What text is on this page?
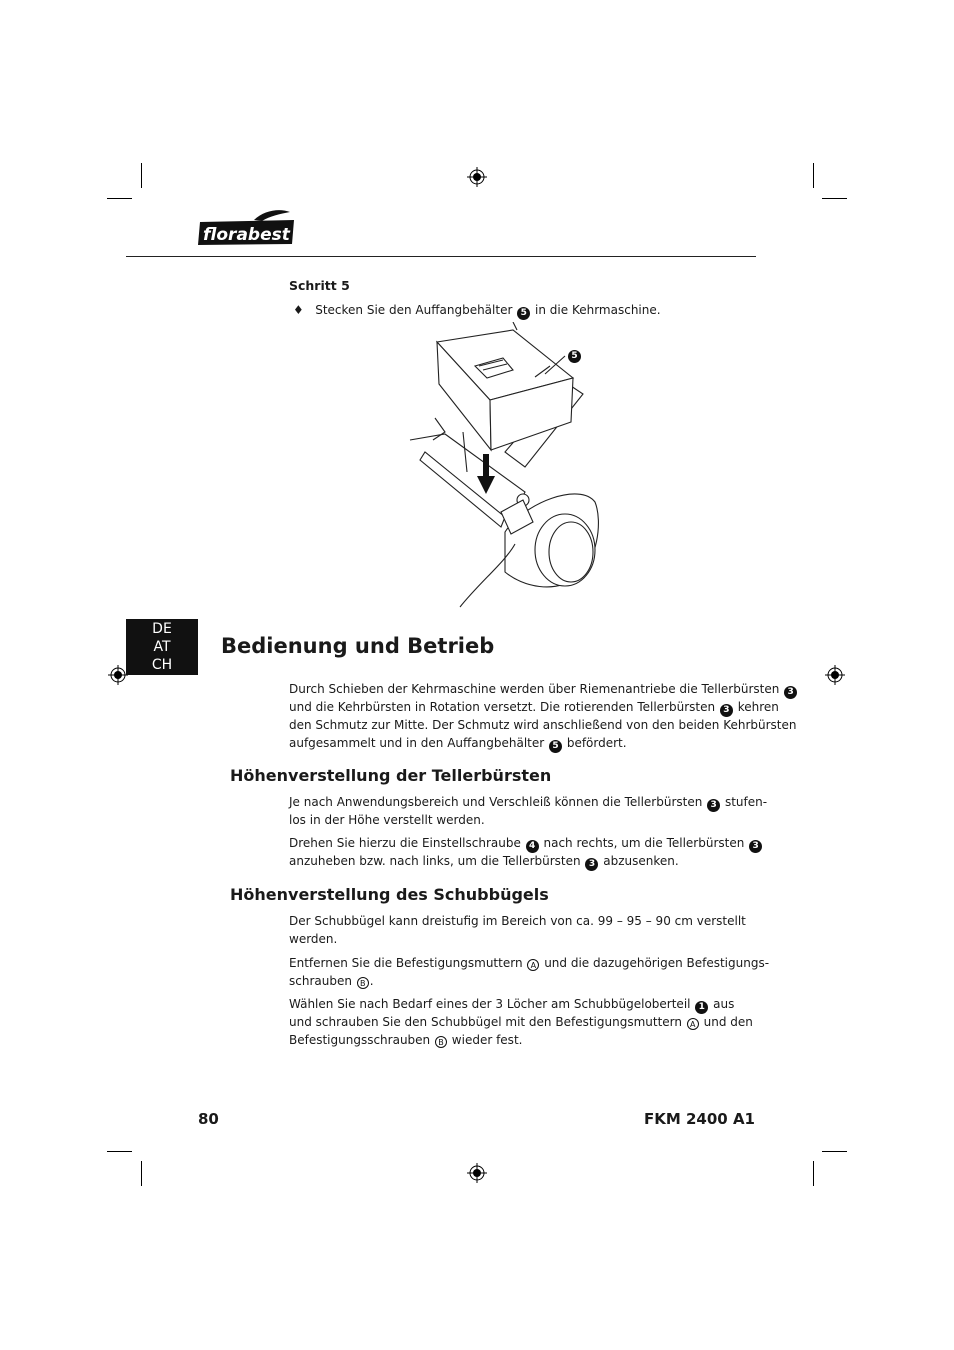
florabest
Schritt 5
♦ Stecken Sie den Auffangbehälter 5 in die Kehrmaschine.
5
DE
AT
CH
Bedienung und Betrieb
Durch Schieben der Kehrmaschine werden über Riemenantriebe die Tellerbürsten 3
und die Kehrbürsten in Rotation versetzt. Die rotierenden Tellerbürsten 3 kehren
den Schmutz zur Mitte. Der Schmutz wird anschließend von den beiden Kehrbürsten
aufgesammelt und in den Auffangbehälter 5 befördert.
Höhenverstellung der Tellerbürsten
Je nach Anwendungsbereich und Verschleiß können die Tellerbürsten 3 stufen-
los in der Höhe verstellt werden.
Drehen Sie hierzu die Einstellschraube 4 nach rechts, um die Tellerbürsten 3
anzuheben bzw. nach links, um die Tellerbürsten 3 abzusenken.
Höhenverstellung des Schubbügels
Der Schubbügel kann dreistufig im Bereich von ca. 99 – 95 – 90 cm verstellt
werden.
Entfernen Sie die Befestigungsmuttern A und die dazugehörigen Befestigungs-
schrauben B .
Wählen Sie nach Bedarf eines der 3 Löcher am Schubbügeloberteil 1 aus
und schrauben Sie den Schubbügel mit den Befestigungsmuttern A und den
Befestigungsschrauben B wieder fest.
80	FKM 2400 A1
